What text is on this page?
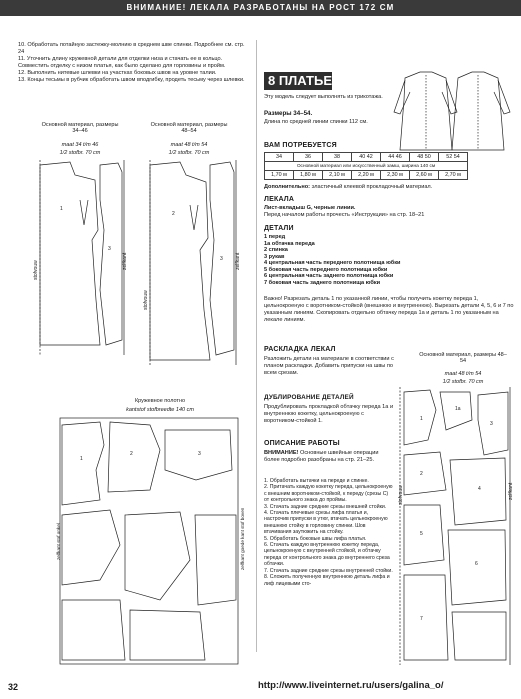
ВНИМАНИЕ! ЛЕКАЛА РАЗРАБОТАНЫ НА РОСТ 172 СМ
10. Обработать потайную застежку-молнию в среднем шве спинки. Подробнее см. стр. 24
11. Уточнить длину кружевной детали для отделки низа и стачать ее в кольцо. Совместить отделку с низом платья, как было сделано для горловины и пройм.
12. Выполнить нитевые шлевки на участках боковых швов на уровне талии.
13. Концы тесьмы в рубчик обработать швом вподгибку, продеть тесьму через шлевки.
Основной материал, размеры 34–46
maat 34 t/m 46
1/2 stofbr. 70 cm
Основной материал, размеры 48–54
maat 48 t/m 54
1/2 stofbr. 70 cm
stofvouw	zelfkant
stofvouw
zelfkant
Кружевное полотно
kantstof stofbreedte 140 cm
zelfkant stof onkel	zelfkant goede kant stof boven
8 ПЛАТЬЕ
Эту модель следует выполнять из трикотажа.
Размеры 34–54.
Длина по средней линии спинки 112 см.
ВАМ ПОТРЕБУЕТСЯ
34	36	38	40 42	44 46	48 50	52 54
Основной материал или искусственный замш, ширина 140 см						
1,70 м	1,80 м	2,10 м	2,20 м	2,30 м	2,60 м	2,70 м
Дополнительно: эластичный клеевой прокладочный материал.
ЛЕКАЛА
Лист-вкладыш G, черные линии.
Перед началом работы прочесть «Инструкции» на стр. 18–21
ДЕТАЛИ
1 перед
1а обтачка переда
2 спинка
3 рукав
4 центральная часть переднего полотнища юбки
5 боковая часть переднего полотнища юбки
6 центральная часть заднего полотнища юбки
7 боковая часть заднего полотнища юбки
Важно! Разрезать деталь 1 по указанной линии, чтобы получить кокетку переда 1, цельнокроеную с воротником-стойкой (внешнюю и внутреннюю). Вырезать детали 4, 5, 6 и 7 по указанным линиям. Скопировать отдельно обтачку переда 1а и деталь 1 по указанным на лекале линиям.
РАСКЛАДКА ЛЕКАЛ
Разложить детали на материале в соответствии с планом раскладки. Добавить припуски на швы по всем срезам.
ДУБЛИРОВАНИЕ ДЕТАЛЕЙ
Продублировать прокладкой обтачку переда 1а и внутреннюю кокетку, цельнокроеную с воротником-стойкой 1.
ОПИСАНИЕ РАБОТЫ
ВНИМАНИЕ! Основные швейные операции более подробно разобраны на стр. 21–25.
1. Обработать вытачки на переде и спинке.
2. Притачать каждую кокетку переда, цельнокроеную с внешним воротником-стойкой, к переду (срезы С) от контрольного знака до проймы.
3. Стачать задние средние срезы внешней стойки.
4. Стачать плечевые срезы лифа платья и, настрочив припуски в утюг, втачать цельнокроеную внешнюю стойку в горловину спинки. Шов втачивания заутюжить на стойку.
5. Обработать боковые швы лифа платья.
6. Стачать каждую внутреннюю кокетку переда, цельнокроеную с внутренней стойкой, и обтачку переда от контрольного знака до внутреннего среза обтачки.
7. Стачать задние средние срезы внутренней стойки.
8. Сложить полученную внутреннюю деталь лифа и лиф лицевыми сто-
Основной материал, размеры 48–54
maat 48 t/m 54
1/2 stofbr. 70 cm
stofvouw	zelfkant
32	http://www.liveinternet.ru/users/galina_o/
1
3
2
3
1
2	3
1
1a
3
2
4
5
6
7
